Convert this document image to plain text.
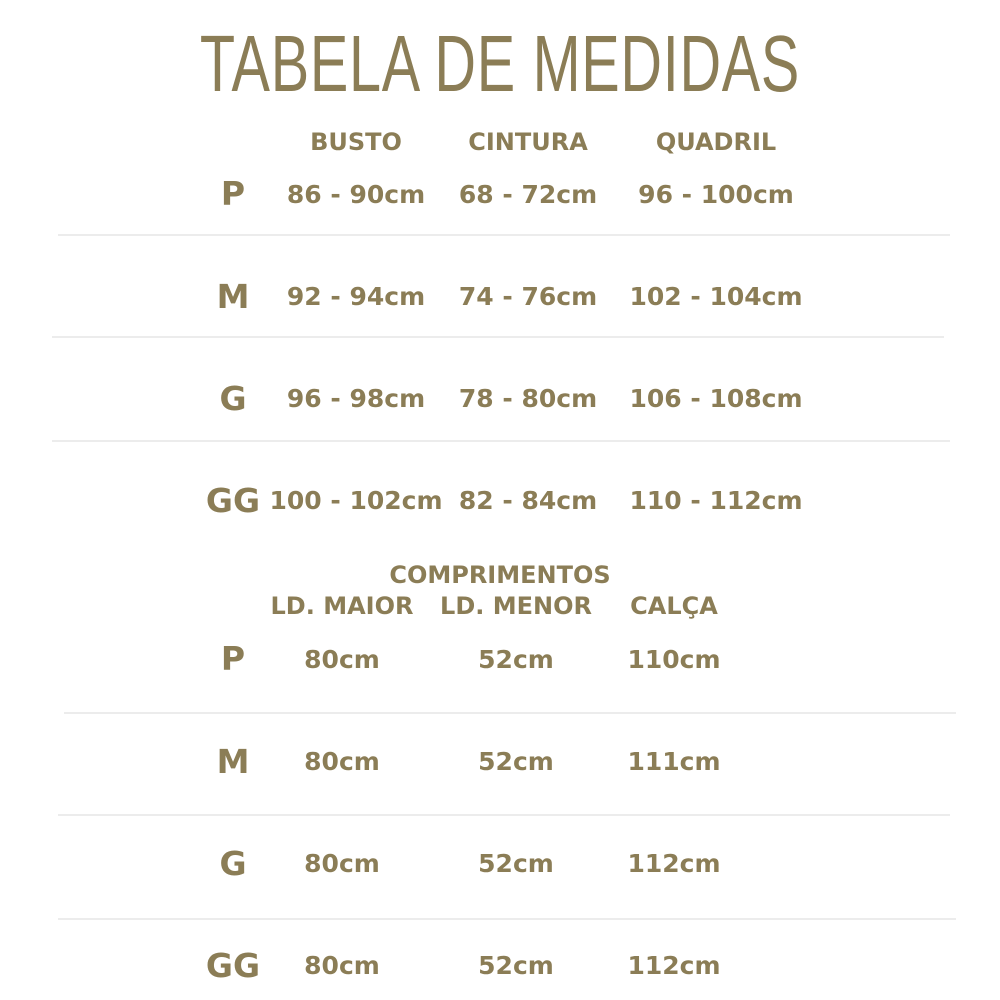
TABELA DE MEDIDAS
BUSTO	CINTURA	QUADRIL
P 86 - 90cm 68 - 72cm 96 - 100cm
M 92 - 94cm 74 - 76cm 102 - 104cm
G 96 - 98cm 78 - 80cm 106 - 108cm
GG 100 - 102cm 82 - 84cm 110 - 112cm
COMPRIMENTOS
LD. MAIOR LD. MENOR CALÇA
P 80cm	52cm	110cm
M 80cm	52cm	111cm
G 80cm	52cm	112cm
GG 80cm	52cm	112cm
